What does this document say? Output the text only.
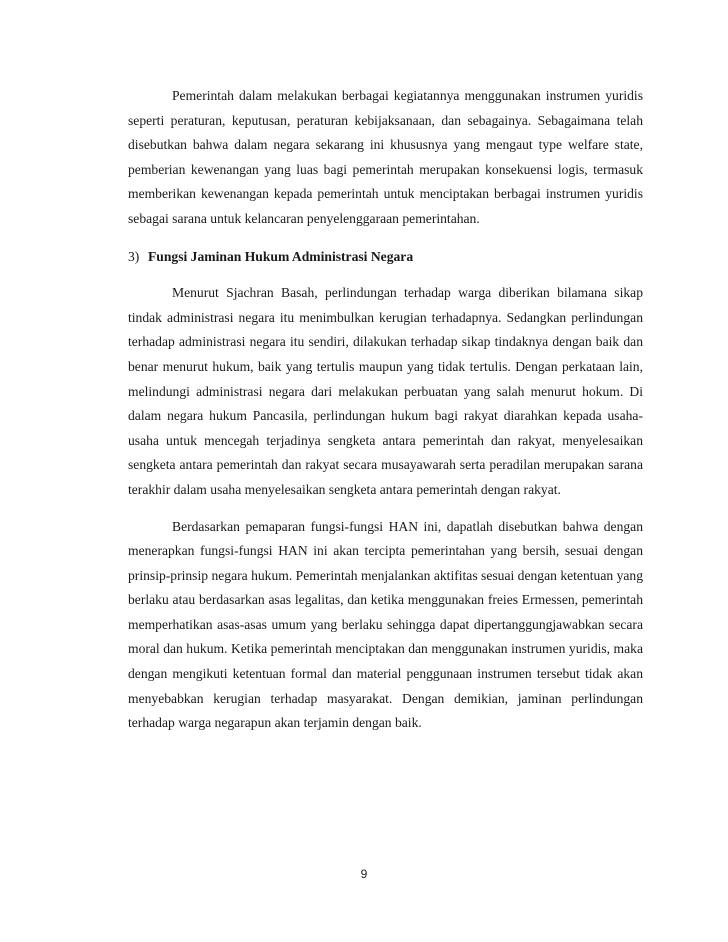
Pemerintah dalam melakukan berbagai kegiatannya menggunakan instrumen yuridis seperti peraturan, keputusan, peraturan kebijaksanaan, dan sebagainya. Sebagaimana telah disebutkan bahwa dalam negara sekarang ini khususnya yang mengaut type welfare state, pemberian kewenangan yang luas bagi pemerintah merupakan konsekuensi logis, termasuk memberikan kewenangan kepada pemerintah untuk menciptakan berbagai instrumen yuridis sebagai sarana untuk kelancaran penyelenggaraan pemerintahan.

3) Fungsi Jaminan Hukum Administrasi Negara

Menurut Sjachran Basah, perlindungan terhadap warga diberikan bilamana sikap tindak administrasi negara itu menimbulkan kerugian terhadapnya. Sedangkan perlindungan terhadap administrasi negara itu sendiri, dilakukan terhadap sikap tindaknya dengan baik dan benar menurut hukum, baik yang tertulis maupun yang tidak tertulis. Dengan perkataan lain, melindungi administrasi negara dari melakukan perbuatan yang salah menurut hokum. Di dalam negara hukum Pancasila, perlindungan hukum bagi rakyat diarahkan kepada usaha-usaha untuk mencegah terjadinya sengketa antara pemerintah dan rakyat, menyelesaikan sengketa antara pemerintah dan rakyat secara musayawarah serta peradilan merupakan sarana terakhir dalam usaha menyelesaikan sengketa antara pemerintah dengan rakyat.

Berdasarkan pemaparan fungsi-fungsi HAN ini, dapatlah disebutkan bahwa dengan menerapkan fungsi-fungsi HAN ini akan tercipta pemerintahan yang bersih, sesuai dengan prinsip-prinsip negara hukum. Pemerintah menjalankan aktifitas sesuai dengan ketentuan yang berlaku atau berdasarkan asas legalitas, dan ketika menggunakan freies Ermessen, pemerintah memperhatikan asas-asas umum yang berlaku sehingga dapat dipertanggungjawabkan secara moral dan hukum. Ketika pemerintah menciptakan dan menggunakan instrumen yuridis, maka dengan mengikuti ketentuan formal dan material penggunaan instrumen tersebut tidak akan menyebabkan kerugian terhadap masyarakat. Dengan demikian, jaminan perlindungan terhadap warga negarapun akan terjamin dengan baik.

9
